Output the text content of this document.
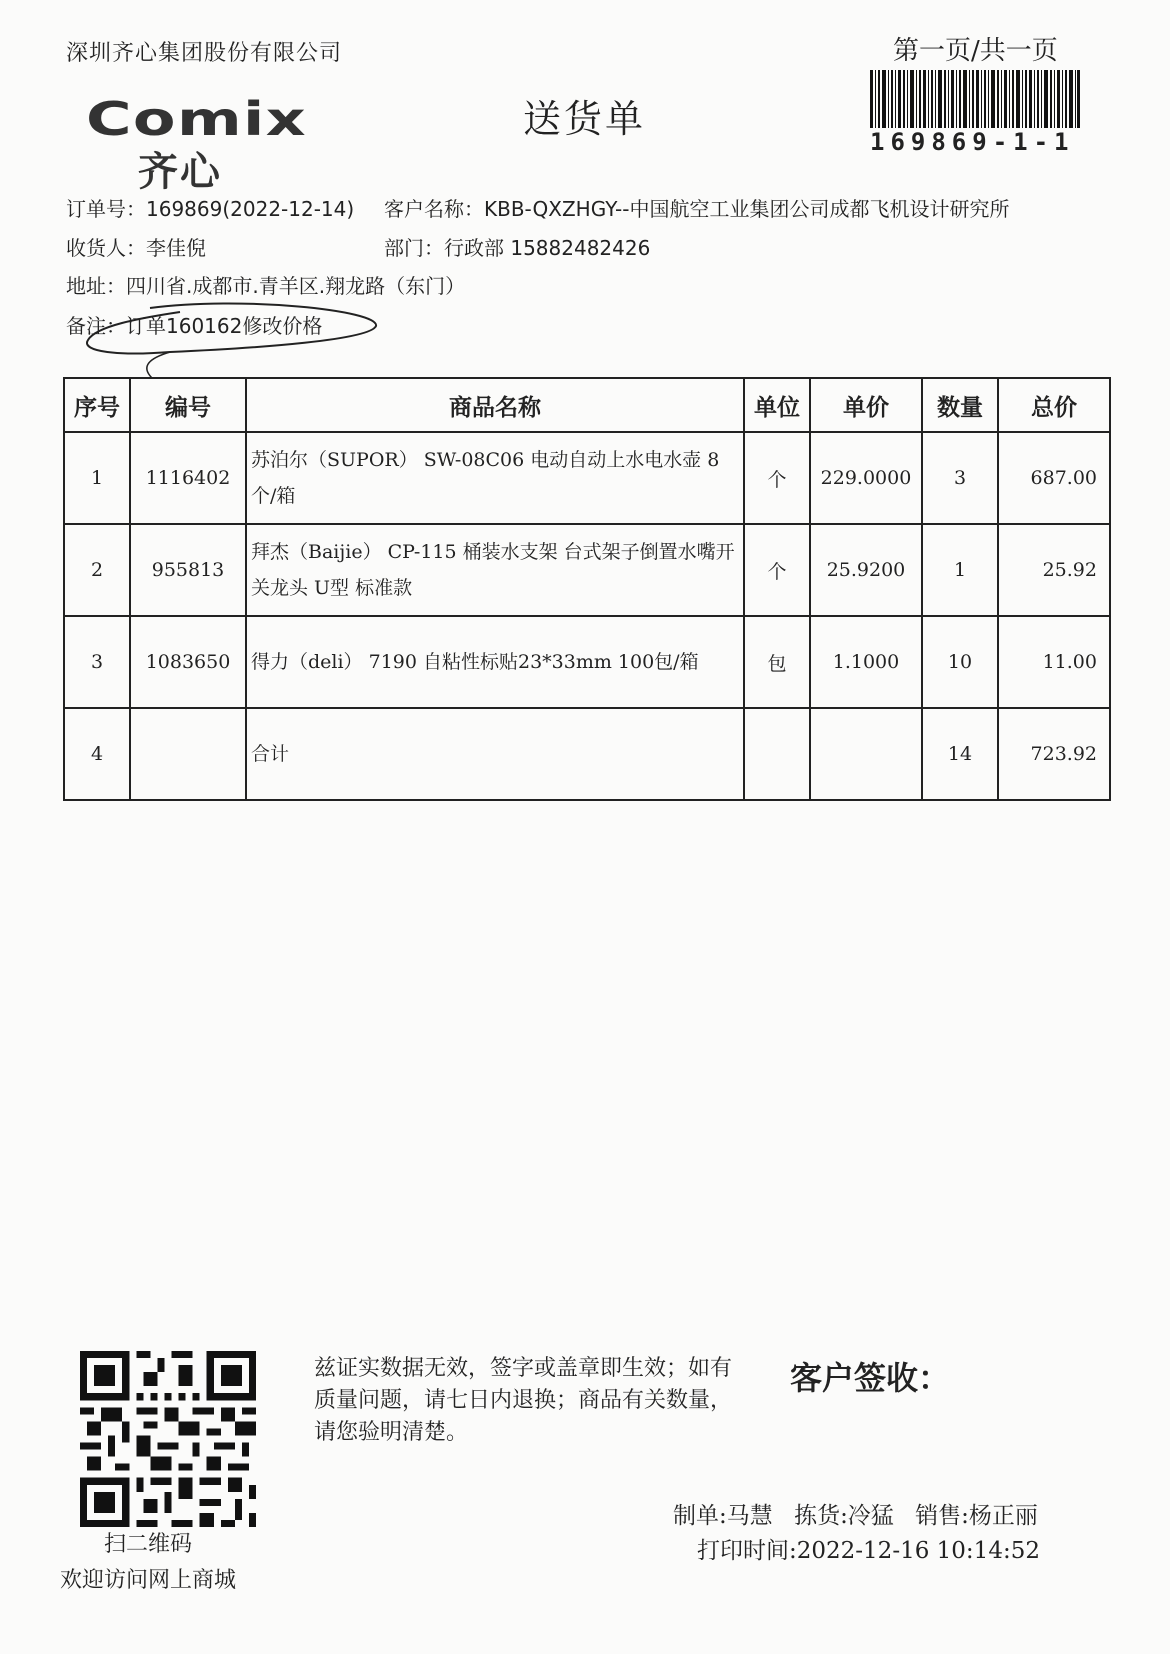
深圳齐心集团股份有限公司	第一页/共一页
Comix
齐心
送货单
169869-1-1
订单号：169869(2022-12-14) 客户名称：KBB-QXZHGY--中国航空工业集团公司成都飞机设计研究所
收货人：李佳倪	部门：行政部 15882482426
地址：四川省.成都市.青羊区.翔龙路（东门）
备注：订单160162修改价格
序号	编号	商品名称	单位	单价	数量	总价
1	1116402	苏泊尔（SUPOR） SW-08C06 电动自动上水电水壶 8个/箱	个	229.0000	3	687.00
2	955813	拜杰（Baijie） CP-115 桶装水支架 台式架子倒置水嘴开关龙头 U型 标准款	个	25.9200	1	25.92
3	1083650	得力（deli） 7190 自粘性标贴23*33mm 100包/箱	包	1.1000	10	11.00
4		合计			14	723.92
扫二维码
欢迎访问网上商城
兹证实数据无效，签字或盖章即生效；如有质量问题，请七日内退换；商品有关数量，请您验明清楚。
客户签收：
制单:马慧 拣货:冷猛 销售:杨正丽
打印时间:2022-12-16 10:14:52
